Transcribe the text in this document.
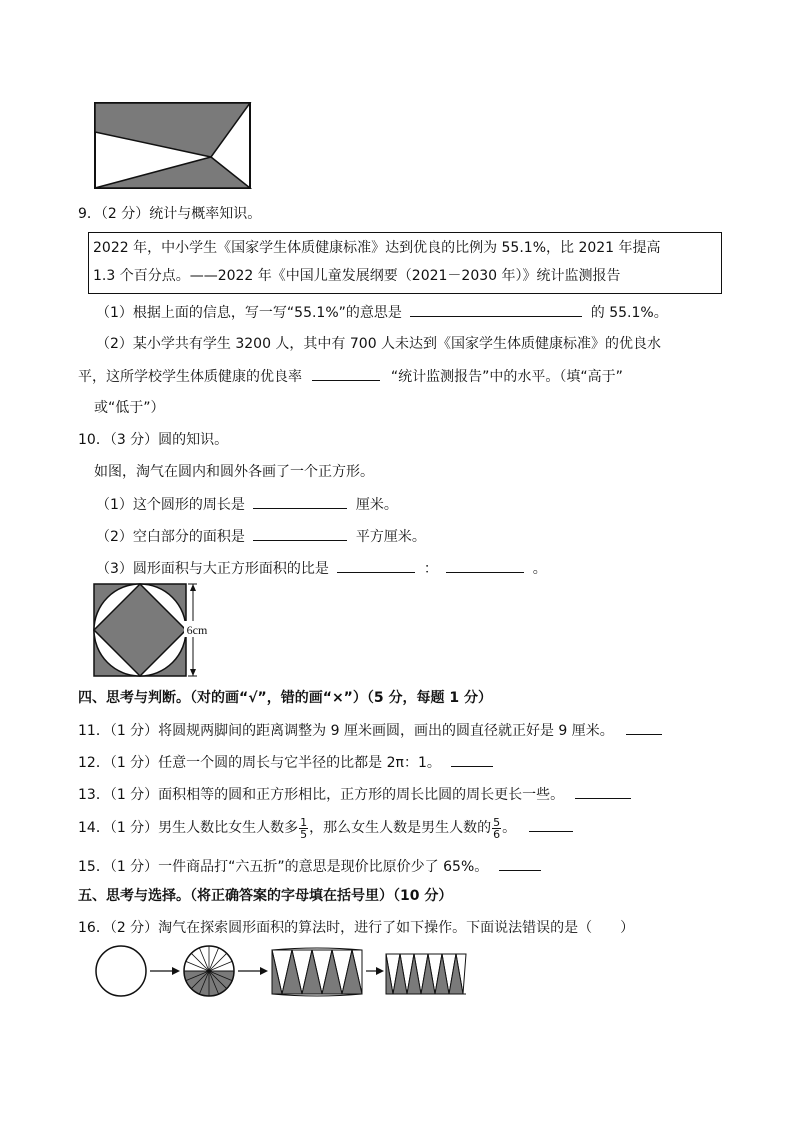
9．（2 分）统计与概率知识。
2022 年，中小学生《国家学生体质健康标准》达到优良的比例为 55.1%，比 2021 年提高
1.3 个百分点。——2022 年《中国儿童发展纲要（2021－2030 年）》统计监测报告
（1）根据上面的信息，写一写“55.1%”的意思是	的 55.1%。
（2）某小学共有学生 3200 人，其中有 700 人未达到《国家学生体质健康标准》的优良水
平，这所学校学生体质健康的优良率	“统计监测报告”中的水平。（填“高于”
或“低于”）
10．（3 分）圆的知识。
如图，淘气在圆内和圆外各画了一个正方形。
（1）这个圆形的周长是	厘米。
（2）空白部分的面积是	平方厘米。
（3）圆形面积与大正方形面积的比是	：	。
6cm
四、思考与判断。（对的画“√”，错的画“×”）（5 分，每题 1 分）
11．（1 分）将圆规两脚间的距离调整为 9 厘米画圆，画出的圆直径就正好是 9 厘米。
12．（1 分）任意一个圆的周长与它半径的比都是 2π：1。
13．（1 分）面积相等的圆和正方形相比，正方形的周长比圆的周长更长一些。
14．（1 分）男生人数比女生人数多 $\frac{1}{5}$ ，那么女生人数是男生人数的 $\frac{5}{6}$ 。
15．（1 分）一件商品打“六五折”的意思是现价比原价少了 65%。
五、思考与选择。（将正确答案的字母填在括号里）（10 分）
16．（2 分）淘气在探索圆形面积的算法时，进行了如下操作。下面说法错误的是（　　）
